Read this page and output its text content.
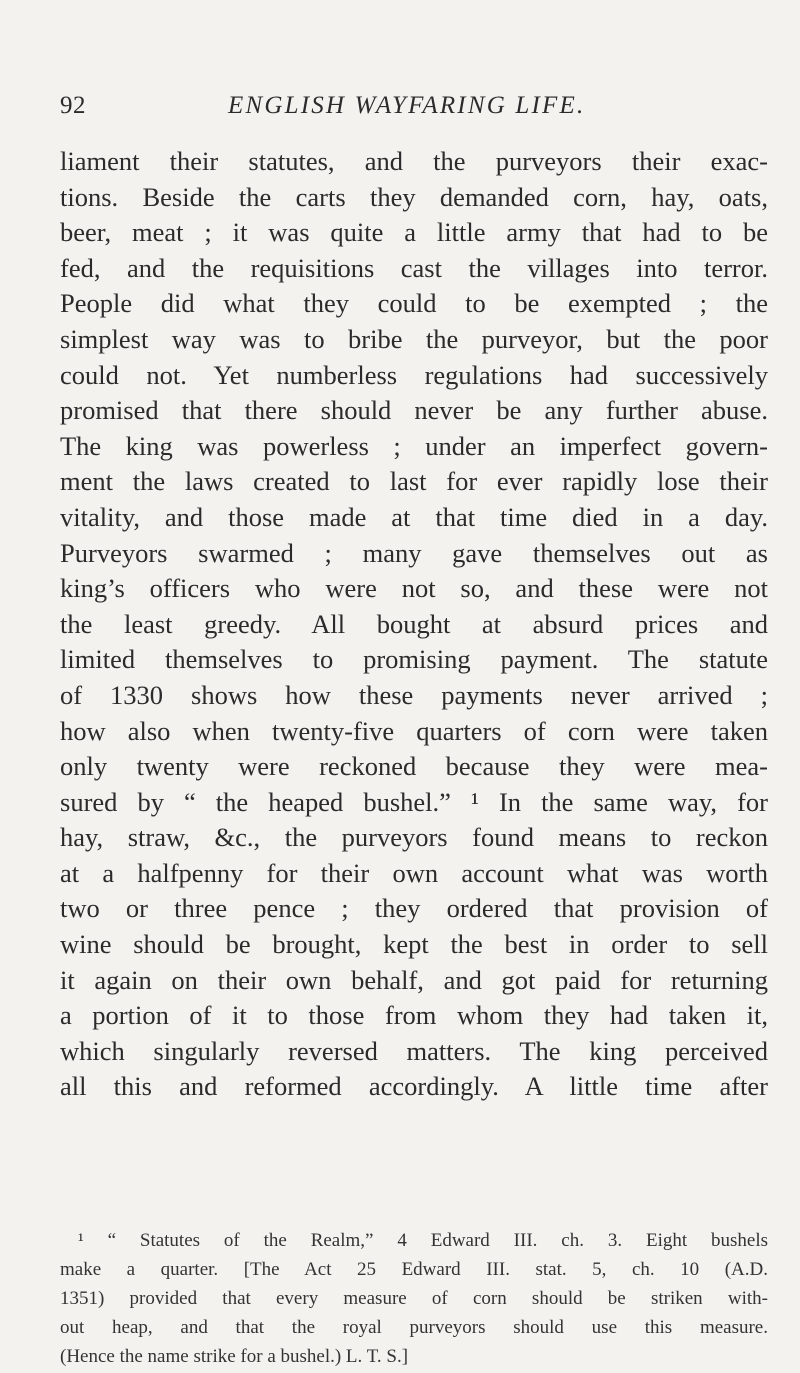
92	ENGLISH WAYFARING LIFE.
liament their statutes, and the purveyors their exac-
tions. Beside the carts they demanded corn, hay, oats,
beer, meat ; it was quite a little army that had to be
fed, and the requisitions cast the villages into terror.
People did what they could to be exempted ; the
simplest way was to bribe the purveyor, but the poor
could not. Yet numberless regulations had successively
promised that there should never be any further abuse.
The king was powerless ; under an imperfect govern-
ment the laws created to last for ever rapidly lose their
vitality, and those made at that time died in a day.
Purveyors swarmed ; many gave themselves out as
king’s officers who were not so, and these were not
the least greedy. All bought at absurd prices and
limited themselves to promising payment. The statute
of 1330 shows how these payments never arrived ;
how also when twenty-five quarters of corn were taken
only twenty were reckoned because they were mea-
sured by “ the heaped bushel.” ¹ In the same way, for
hay, straw, &c., the purveyors found means to reckon
at a halfpenny for their own account what was worth
two or three pence ; they ordered that provision of
wine should be brought, kept the best in order to sell
it again on their own behalf, and got paid for returning
a portion of it to those from whom they had taken it,
which singularly reversed matters. The king perceived
all this and reformed accordingly. A little time after
¹ “ Statutes of the Realm,” 4 Edward III. ch. 3. Eight bushels
make a quarter. [The Act 25 Edward III. stat. 5, ch. 10 (A.D.
1351) provided that every measure of corn should be striken with-
out heap, and that the royal purveyors should use this measure.
(Hence the name strike for a bushel.) L. T. S.]
